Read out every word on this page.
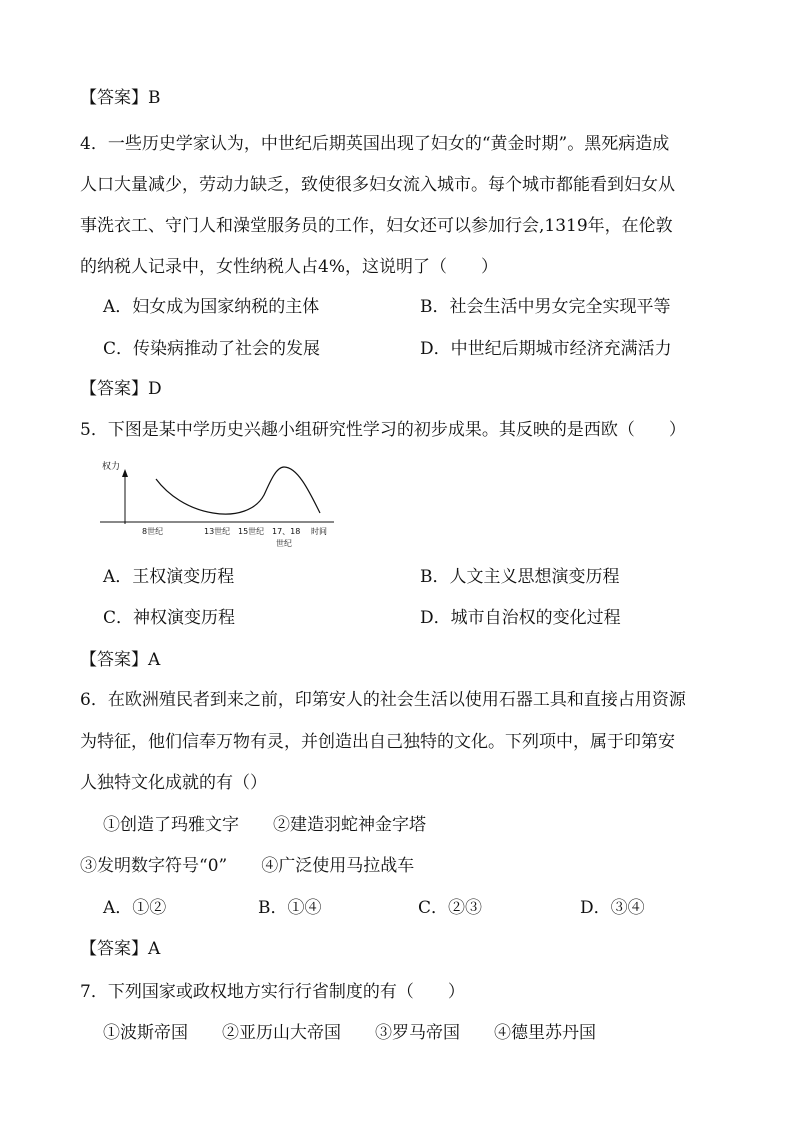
【答案】B
4．一些历史学家认为，中世纪后期英国出现了妇女的“黄金时期”。黑死病造成
人口大量减少，劳动力缺乏，致使很多妇女流入城市。每个城市都能看到妇女从
事洗衣工、守门人和澡堂服务员的工作，妇女还可以参加行会,1319年，在伦敦
的纳税人记录中，女性纳税人占4%，这说明了（　　）
A．妇女成为国家纳税的主体	B．社会生活中男女完全实现平等
C．传染病推动了社会的发展	D．中世纪后期城市经济充满活力
【答案】D
5．下图是某中学历史兴趣小组研究性学习的初步成果。其反映的是西欧（　　）
权力
8世纪	13世纪 15世纪 17、18
世纪
时间
A．王权演变历程	B．人文主义思想演变历程
C．神权演变历程	D．城市自治权的变化过程
【答案】A
6．在欧洲殖民者到来之前，印第安人的社会生活以使用石器工具和直接占用资源
为特征，他们信奉万物有灵，并创造出自己独特的文化。下列项中，属于印第安
人独特文化成就的有（）
①创造了玛雅文字　　②建造羽蛇神金字塔
③发明数字符号“0”　　④广泛使用马拉战车
A．①②	B．①④	C．②③	D．③④
【答案】A
7．下列国家或政权地方实行行省制度的有（　　）
①波斯帝国　　②亚历山大帝国　　③罗马帝国　　④德里苏丹国
